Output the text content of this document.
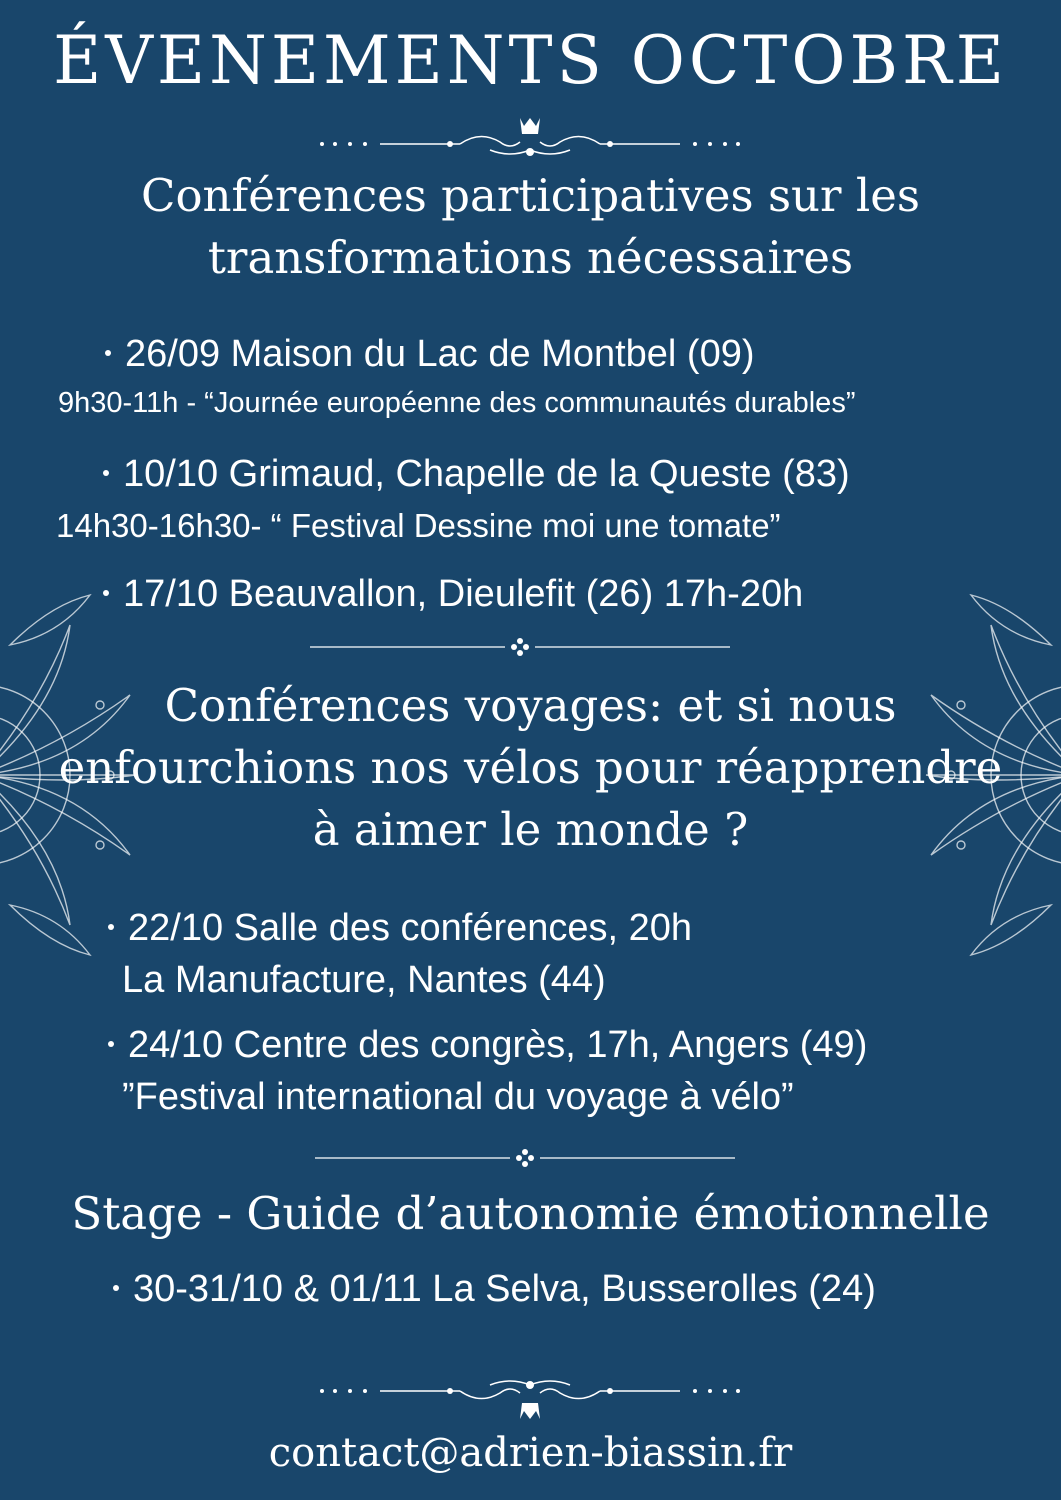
ÉVENEMENTS OCTOBRE
Conférences participatives sur les
transformations nécessaires
26/09 Maison du Lac de Montbel (09)
9h30-11h - “Journée européenne des communautés durables”
10/10 Grimaud, Chapelle de la Queste (83)
14h30-16h30- “ Festival Dessine moi une tomate”
17/10 Beauvallon, Dieulefit (26) 17h-20h
Conférences voyages: et si nous
enfourchions nos vélos pour réapprendre
à aimer le monde ?
22/10 Salle des conférences, 20h
La Manufacture, Nantes (44)
24/10 Centre des congrès, 17h, Angers (49)
”Festival international du voyage à vélo”
Stage - Guide d’autonomie émotionnelle
30-31/10 & 01/11 La Selva, Busserolles (24)
contact@adrien-biassin.fr
